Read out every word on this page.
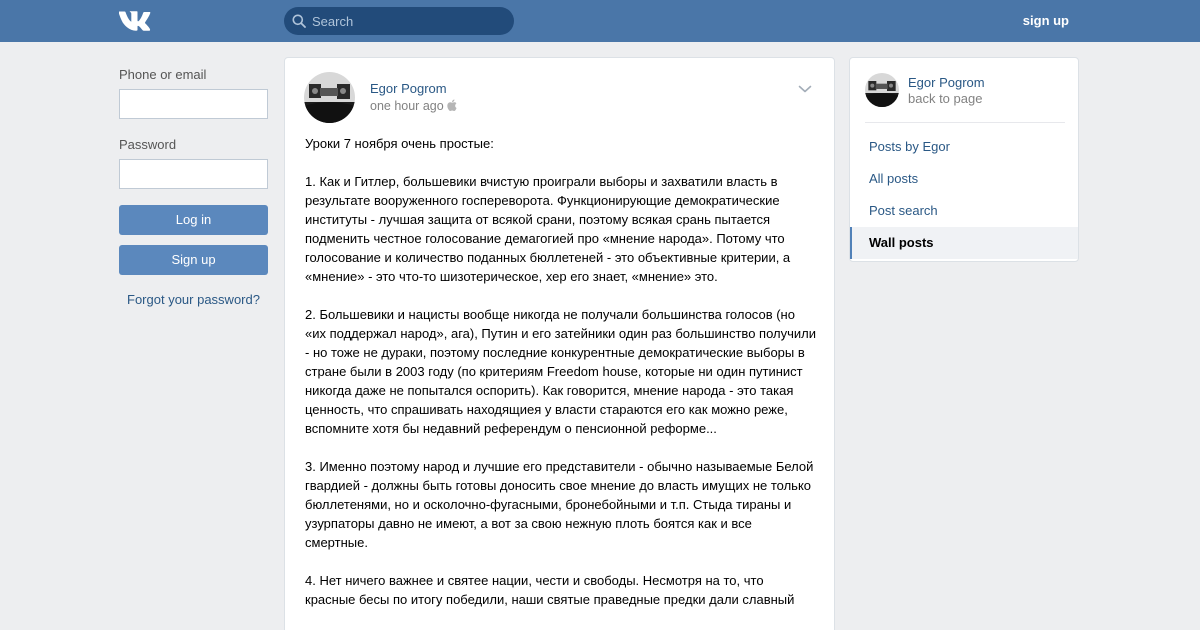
Search
sign up
Phone or email
Password
Log in
Sign up
Forgot your password?
Egor Pogrom
one hour ago

Уроки 7 ноября очень простые:

1. Как и Гитлер, большевики вчистую проиграли выборы и захватили власть в результате вооруженного госпереворота. Функционирующие демократические институты - лучшая защита от всякой срани, поэтому всякая срань пытается подменить честное голосование демагогией про «мнение народа». Потому что голосование и количество поданных бюллетеней - это объективные критерии, а «мнение» - это что-то шизотерическое, хер его знает, «мнение» это.

2. Большевики и нацисты вообще никогда не получали большинства голосов (но «их поддержал народ», ага), Путин и его затейники один раз большинство получили - но тоже не дураки, поэтому последние конкурентные демократические выборы в стране были в 2003 году (по критериям Freedom house, которые ни один путинист никогда даже не попытался оспорить). Как говорится, мнение народа - это такая ценность, что спрашивать находящиея у власти стараются его как можно реже, вспомните хотя бы недавний референдум о пенсионной реформе...

3. Именно поэтому народ и лучшие его представители - обычно называемые Белой гвардией - должны быть готовы доносить свое мнение до власть имущих не только бюллетенями, но и осколочно-фугасными, бронебойными и т.п. Стыда тираны и узурпаторы давно не имеют, а вот за свою нежную плоть боятся как и все смертные.

4. Нет ничего важнее и святее нации, чести и свободы. Несмотря на то, что красные бесы по итогу победили, наши святые праведные предки дали славный

Egor Pogrom
back to page
Posts by Egor
All posts
Post search
Wall posts
